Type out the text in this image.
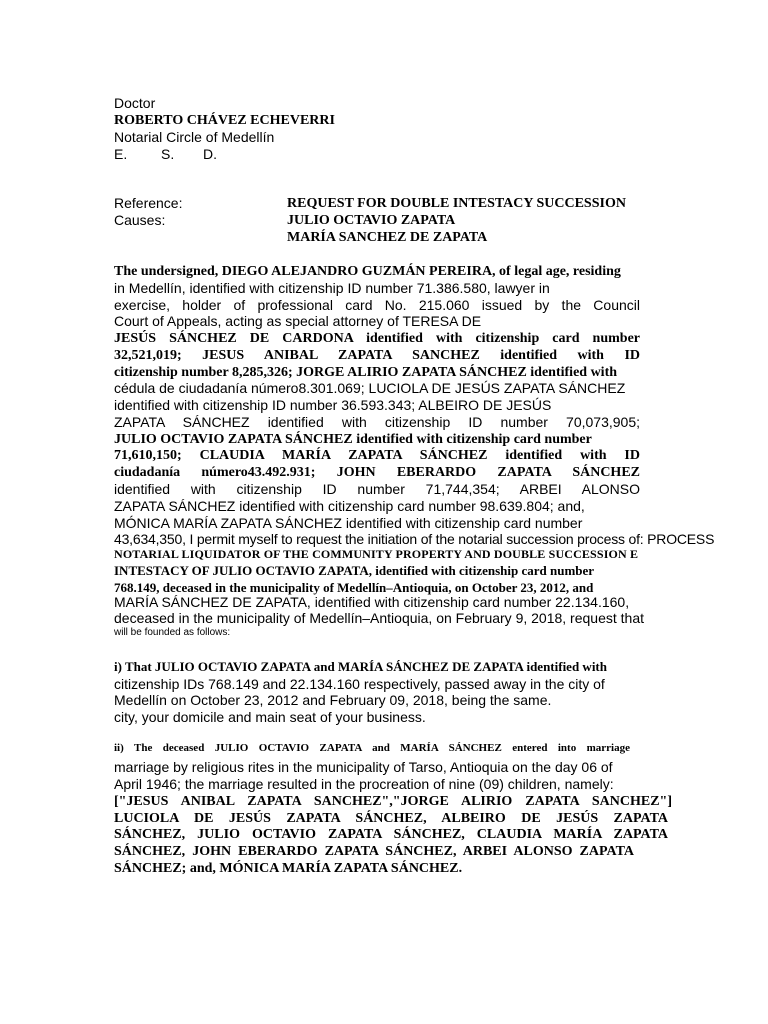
Doctor
ROBERTO CHÁVEZ ECHEVERRI
Notarial Circle of Medellín
E. S. D.
Reference:	REQUEST FOR DOUBLE INTESTACY SUCCESSION
Causes:	JULIO OCTAVIO ZAPATA
MARÍA SANCHEZ DE ZAPATA
The undersigned, DIEGO ALEJANDRO GUZMÁN PEREIRA, of legal age, residing
in Medellín, identified with citizenship ID number 71.386.580, lawyer in
exercise, holder of professional card No. 215.060 issued by the Council
Court of Appeals, acting as special attorney of TERESA DE
JESÚS SÁNCHEZ DE CARDONA identified with citizenship card number
32,521,019; JESUS ANIBAL ZAPATA SANCHEZ identified with ID
citizenship number 8,285,326; JORGE ALIRIO ZAPATA SÁNCHEZ identified with
cédula de ciudadanía número8.301.069; LUCIOLA DE JESÚS ZAPATA SÁNCHEZ
identified with citizenship ID number 36.593.343; ALBEIRO DE JESÚS
ZAPATA SÁNCHEZ identified with citizenship ID number 70,073,905;
JULIO OCTAVIO ZAPATA SÁNCHEZ identified with citizenship card number
71,610,150; CLAUDIA MARÍA ZAPATA SÁNCHEZ identified with ID
ciudadanía número43.492.931; JOHN EBERARDO ZAPATA SÁNCHEZ
identified with citizenship ID number 71,744,354; ARBEI ALONSO
ZAPATA SÁNCHEZ identified with citizenship card number 98.639.804; and,
MÓNICA MARÍA ZAPATA SÁNCHEZ identified with citizenship card number
43,634,350, I permit myself to request the initiation of the notarial succession process of: PROCESS
NOTARIAL LIQUIDATOR OF THE COMMUNITY PROPERTY AND DOUBLE SUCCESSION E
INTESTACY OF JULIO OCTAVIO ZAPATA, identified with citizenship card number
768.149, deceased in the municipality of Medellín–Antioquia, on October 23, 2012, and
MARÍA SÁNCHEZ DE ZAPATA, identified with citizenship card number 22.134.160,
deceased in the municipality of Medellín–Antioquia, on February 9, 2018, request that
will be founded as follows:
i) That JULIO OCTAVIO ZAPATA and MARÍA SÁNCHEZ DE ZAPATA identified with
citizenship IDs 768.149 and 22.134.160 respectively, passed away in the city of
Medellín on October 23, 2012 and February 09, 2018, being the same.
city, your domicile and main seat of your business.
ii) The deceased JULIO OCTAVIO ZAPATA and MARÍA SÁNCHEZ entered into marriage
marriage by religious rites in the municipality of Tarso, Antioquia on the day 06 of
April 1946; the marriage resulted in the procreation of nine (09) children, namely:
["JESUS ANIBAL ZAPATA SANCHEZ","JORGE ALIRIO ZAPATA SANCHEZ"]
LUCIOLA DE JESÚS ZAPATA SÁNCHEZ, ALBEIRO DE JESÚS ZAPATA
SÁNCHEZ, JULIO OCTAVIO ZAPATA SÁNCHEZ, CLAUDIA MARÍA ZAPATA
SÁNCHEZ, JOHN EBERARDO ZAPATA SÁNCHEZ, ARBEI ALONSO ZAPATA
SÁNCHEZ; and, MÓNICA MARÍA ZAPATA SÁNCHEZ.
